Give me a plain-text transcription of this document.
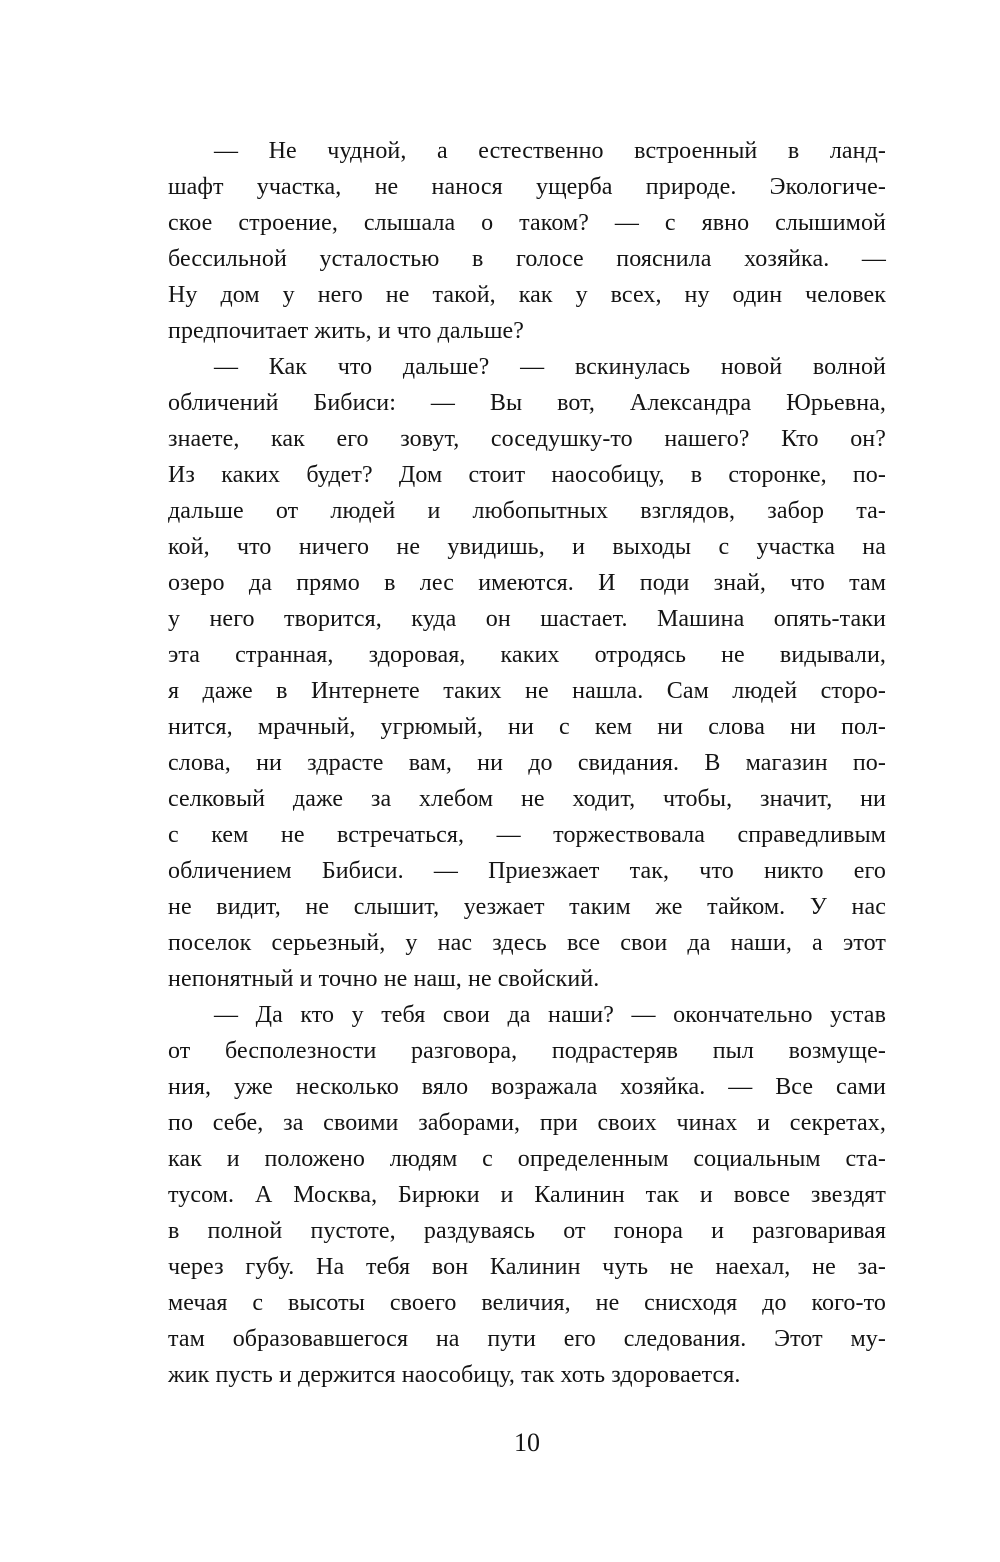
— Не чудной, а естественно встроенный в ланд-
шафт участка, не нанося ущерба природе. Экологиче-
ское строение, слышала о таком? — с явно слышимой
бессильной усталостью в голосе пояснила хозяйка. —
Ну дом у него не такой, как у всех, ну один человек
предпочитает жить, и что дальше?

— Как что дальше? — вскинулась новой волной
обличений Бибиси: — Вы вот, Александра Юрьевна,
знаете, как его зовут, соседушку-то нашего? Кто он?
Из каких будет? Дом стоит наособицу, в сторонке, по-
дальше от людей и любопытных взглядов, забор та-
кой, что ничего не увидишь, и выходы с участка на
озеро да прямо в лес имеются. И поди знай, что там
у него творится, куда он шастает. Машина опять-таки
эта странная, здоровая, каких отродясь не видывали,
я даже в Интернете таких не нашла. Сам людей сторо-
нится, мрачный, угрюмый, ни с кем ни слова ни пол-
слова, ни здрасте вам, ни до свидания. В магазин по-
селковый даже за хлебом не ходит, чтобы, значит, ни
с кем не встречаться, — торжествовала справедливым
обличением Бибиси. — Приезжает так, что никто его
не видит, не слышит, уезжает таким же тайком. У нас
поселок серьезный, у нас здесь все свои да наши, а этот
непонятный и точно не наш, не свойский.

— Да кто у тебя свои да наши? — окончательно устав
от бесполезности разговора, подрастеряв пыл возмуще-
ния, уже несколько вяло возражала хозяйка. — Все сами
по себе, за своими заборами, при своих чинах и секретах,
как и положено людям с определенным социальным ста-
тусом. А Москва, Бирюки и Калинин так и вовсе звездят
в полной пустоте, раздуваясь от гонора и разговаривая
через губу. На тебя вон Калинин чуть не наехал, не за-
мечая с высоты своего величия, не снисходя до кого-то
там образовавшегося на пути его следования. Этот му-
жик пусть и держится наособицу, так хоть здоровается.

10
